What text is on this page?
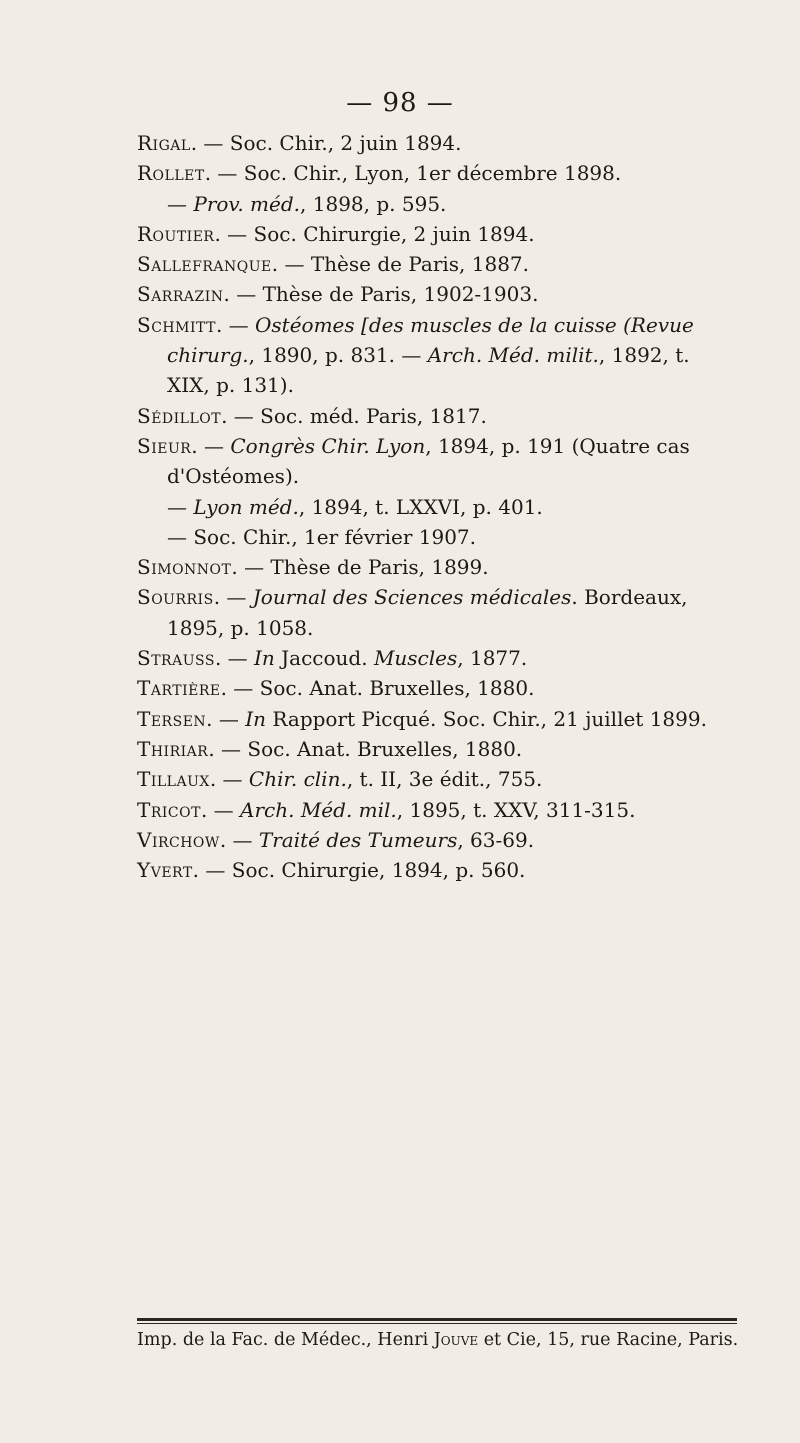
— 98 —
Rigal. — Soc. Chir., 2 juin 1894.
Rollet. — Soc. Chir., Lyon, 1er décembre 1898.
— Prov. méd., 1898, p. 595.
Routier. — Soc. Chirurgie, 2 juin 1894.
Sallefranque. — Thèse de Paris, 1887.
Sarrazin. — Thèse de Paris, 1902-1903.
Schmitt. — Ostéomes [des muscles de la cuisse (Revue chirurg., 1890, p. 831. — Arch. Méd. milit., 1892, t. XIX, p. 131).
Sédillot. — Soc. méd. Paris, 1817.
Sieur. — Congrès Chir. Lyon, 1894, p. 191 (Quatre cas d'Ostéomes).
— Lyon méd., 1894, t. LXXVI, p. 401.
— Soc. Chir., 1er février 1907.
Simonnot. — Thèse de Paris, 1899.
Sourris. — Journal des Sciences médicales. Bordeaux, 1895, p. 1058.
Strauss. — In Jaccoud. Muscles, 1877.
Tartière. — Soc. Anat. Bruxelles, 1880.
Tersen. — In Rapport Picqué. Soc. Chir., 21 juillet 1899.
Thiriar. — Soc. Anat. Bruxelles, 1880.
Tillaux. — Chir. clin., t. II, 3e édit., 755.
Tricot. — Arch. Méd. mil., 1895, t. XXV, 311-315.
Virchow. — Traité des Tumeurs, 63-69.
Yvert. — Soc. Chirurgie, 1894, p. 560.
Imp. de la Fac. de Médec., Henri Jouve et Cie, 15, rue Racine, Paris.
